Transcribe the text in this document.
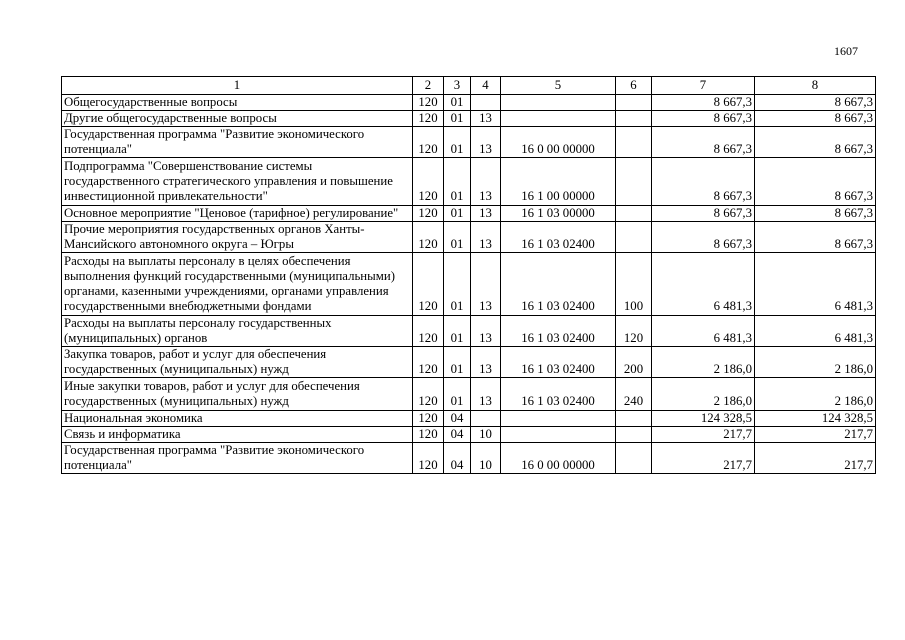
1607
1	2	3	4	5	6	7	8
Общегосударственные вопросы	120	01				8 667,3	8 667,3
Другие общегосударственные вопросы	120	01	13			8 667,3	8 667,3
Государственная программа "Развитие экономического потенциала"	120	01	13	16 0 00 00000		8 667,3	8 667,3
Подпрограмма "Совершенствование системы государственного стратегического управления и повышение инвестиционной привлекательности"	120	01	13	16 1 00 00000		8 667,3	8 667,3
Основное мероприятие "Ценовое (тарифное) регулирование"	120	01	13	16 1 03 00000		8 667,3	8 667,3
Прочие мероприятия государственных органов Ханты-Мансийского автономного округа – Югры	120	01	13	16 1 03 02400		8 667,3	8 667,3
Расходы на выплаты персоналу в целях обеспечения выполнения функций государственными (муниципальными) органами, казенными учреждениями, органами управления государственными внебюджетными фондами	120	01	13	16 1 03 02400	100	6 481,3	6 481,3
Расходы на выплаты персоналу государственных (муниципальных) органов	120	01	13	16 1 03 02400	120	6 481,3	6 481,3
Закупка товаров, работ и услуг для обеспечения государственных (муниципальных) нужд	120	01	13	16 1 03 02400	200	2 186,0	2 186,0
Иные закупки товаров, работ и услуг для обеспечения государственных (муниципальных) нужд	120	01	13	16 1 03 02400	240	2 186,0	2 186,0
Национальная экономика	120	04				124 328,5	124 328,5
Связь и информатика	120	04	10			217,7	217,7
Государственная программа "Развитие экономического потенциала"	120	04	10	16 0 00 00000		217,7	217,7
